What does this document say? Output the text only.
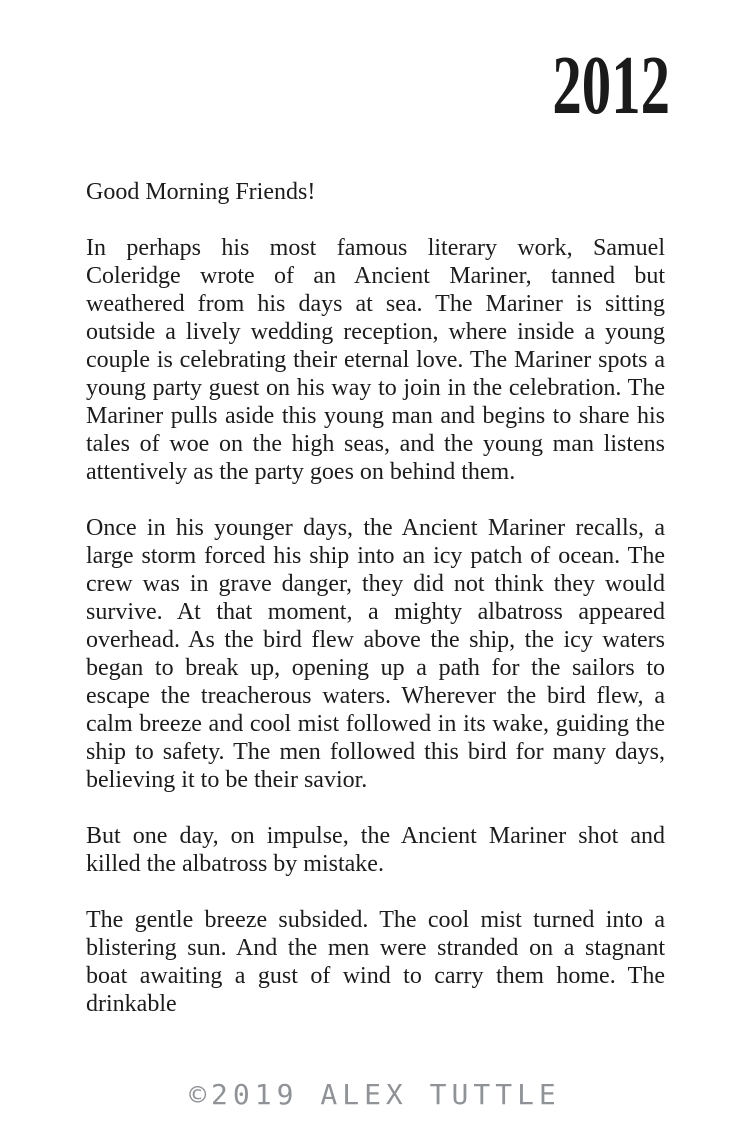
2012

Good Morning Friends!

In perhaps his most famous literary work, Samuel Coleridge wrote of an Ancient Mariner, tanned but weathered from his days at sea. The Mariner is sitting outside a lively wedding reception, where inside a young couple is celebrating their eternal love. The Mariner spots a young party guest on his way to join in the celebration. The Mariner pulls aside this young man and begins to share his tales of woe on the high seas, and the young man listens attentively as the party goes on behind them.

Once in his younger days, the Ancient Mariner recalls, a large storm forced his ship into an icy patch of ocean. The crew was in grave danger, they did not think they would survive. At that moment, a mighty albatross appeared overhead. As the bird flew above the ship, the icy waters began to break up, opening up a path for the sailors to escape the treacherous waters. Wherever the bird flew, a calm breeze and cool mist followed in its wake, guiding the ship to safety. The men followed this bird for many days, believing it to be their savior.

But one day, on impulse, the Ancient Mariner shot and killed the albatross by mistake.

The gentle breeze subsided. The cool mist turned into a blistering sun. And the men were stranded on a stagnant boat awaiting a gust of wind to carry them home. The drinkable

©2019 ALEX TUTTLE
